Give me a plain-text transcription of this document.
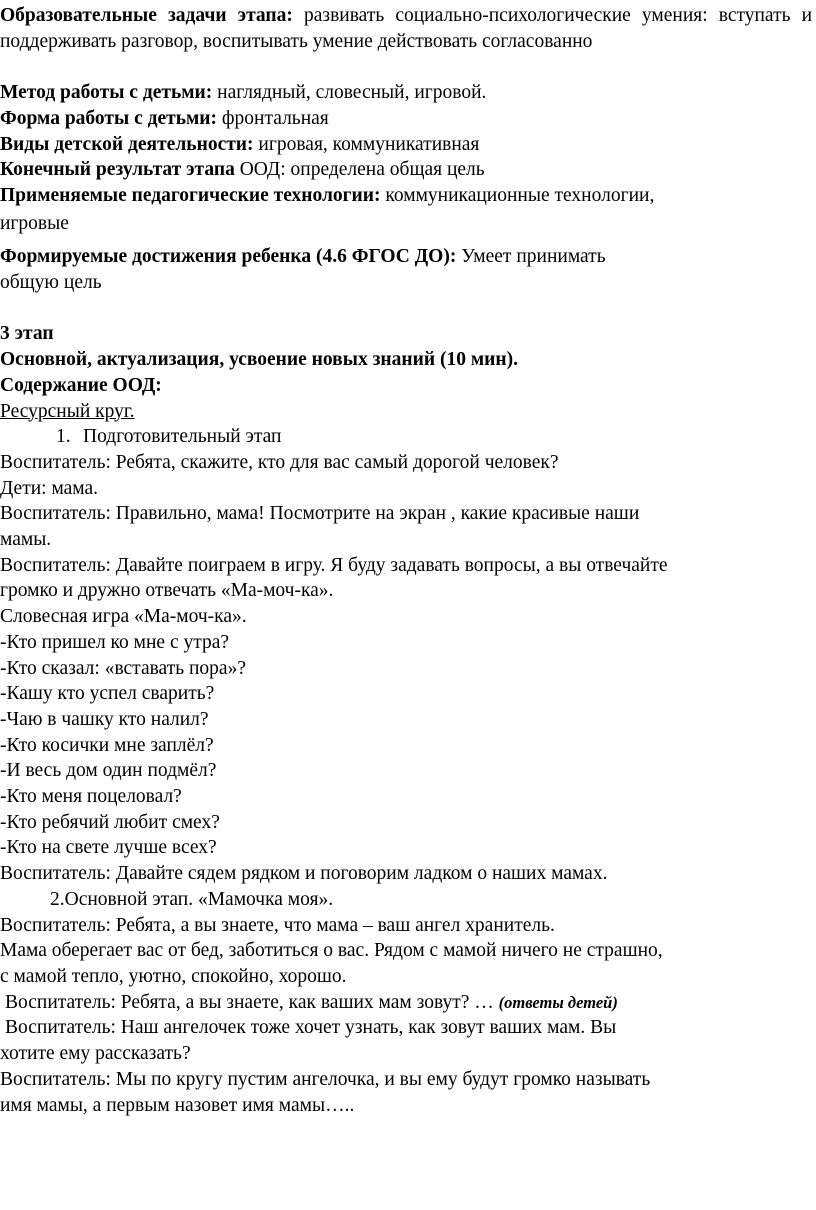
Образовательные задачи этапа: развивать социально-психологические умения: вступать и поддерживать разговор, воспитывать умение действовать согласованно

Метод работы с детьми: наглядный, словесный, игровой.

Форма работы с детьми: фронтальная

Виды детской деятельности: игровая, коммуникативная

Конечный результат этапа ООД: определена общая цель

Применяемые педагогические технологии: коммуникационные технологии,

игровые

Формируемые достижения ребенка (4.6 ФГОС ДО): Умеет принимать

общую цель

3 этап

Основной, актуализация, усвоение новых знаний (10 мин).

Содержание ООД:

Ресурсный круг.

1. Подготовительный этап

Воспитатель: Ребята, скажите, кто для вас самый дорогой человек?

Дети: мама.

Воспитатель: Правильно, мама! Посмотрите на экран , какие красивые наши

мамы.

Воспитатель: Давайте поиграем в игру. Я буду задавать вопросы, а вы отвечайте

громко и дружно отвечать «Ма-моч-ка».

Словесная игра «Ма-моч-ка».

-Кто пришел ко мне с утра?

-Кто сказал: «вставать пора»?

-Кашу кто успел сварить?

-Чаю в чашку кто налил?

-Кто косички мне заплёл?

-И весь дом один подмёл?

-Кто меня поцеловал?

-Кто ребячий любит смех?

-Кто на свете лучше всех?

Воспитатель: Давайте сядем рядком и поговорим ладком о наших мамах.

2.Основной этап. «Мамочка моя».

Воспитатель: Ребята, а вы знаете, что мама – ваш ангел хранитель.

Мама оберегает вас от бед, заботиться о вас. Рядом с мамой ничего не страшно,

с мамой тепло, уютно, спокойно, хорошо.

Воспитатель: Ребята, а вы знаете, как ваших мам зовут? … (ответы детей)

Воспитатель: Наш ангелочек тоже хочет узнать, как зовут ваших мам. Вы

хотите ему рассказать?

Воспитатель: Мы по кругу пустим ангелочка, и вы ему будут громко называть

имя мамы, а первым назовет имя мамы…..
